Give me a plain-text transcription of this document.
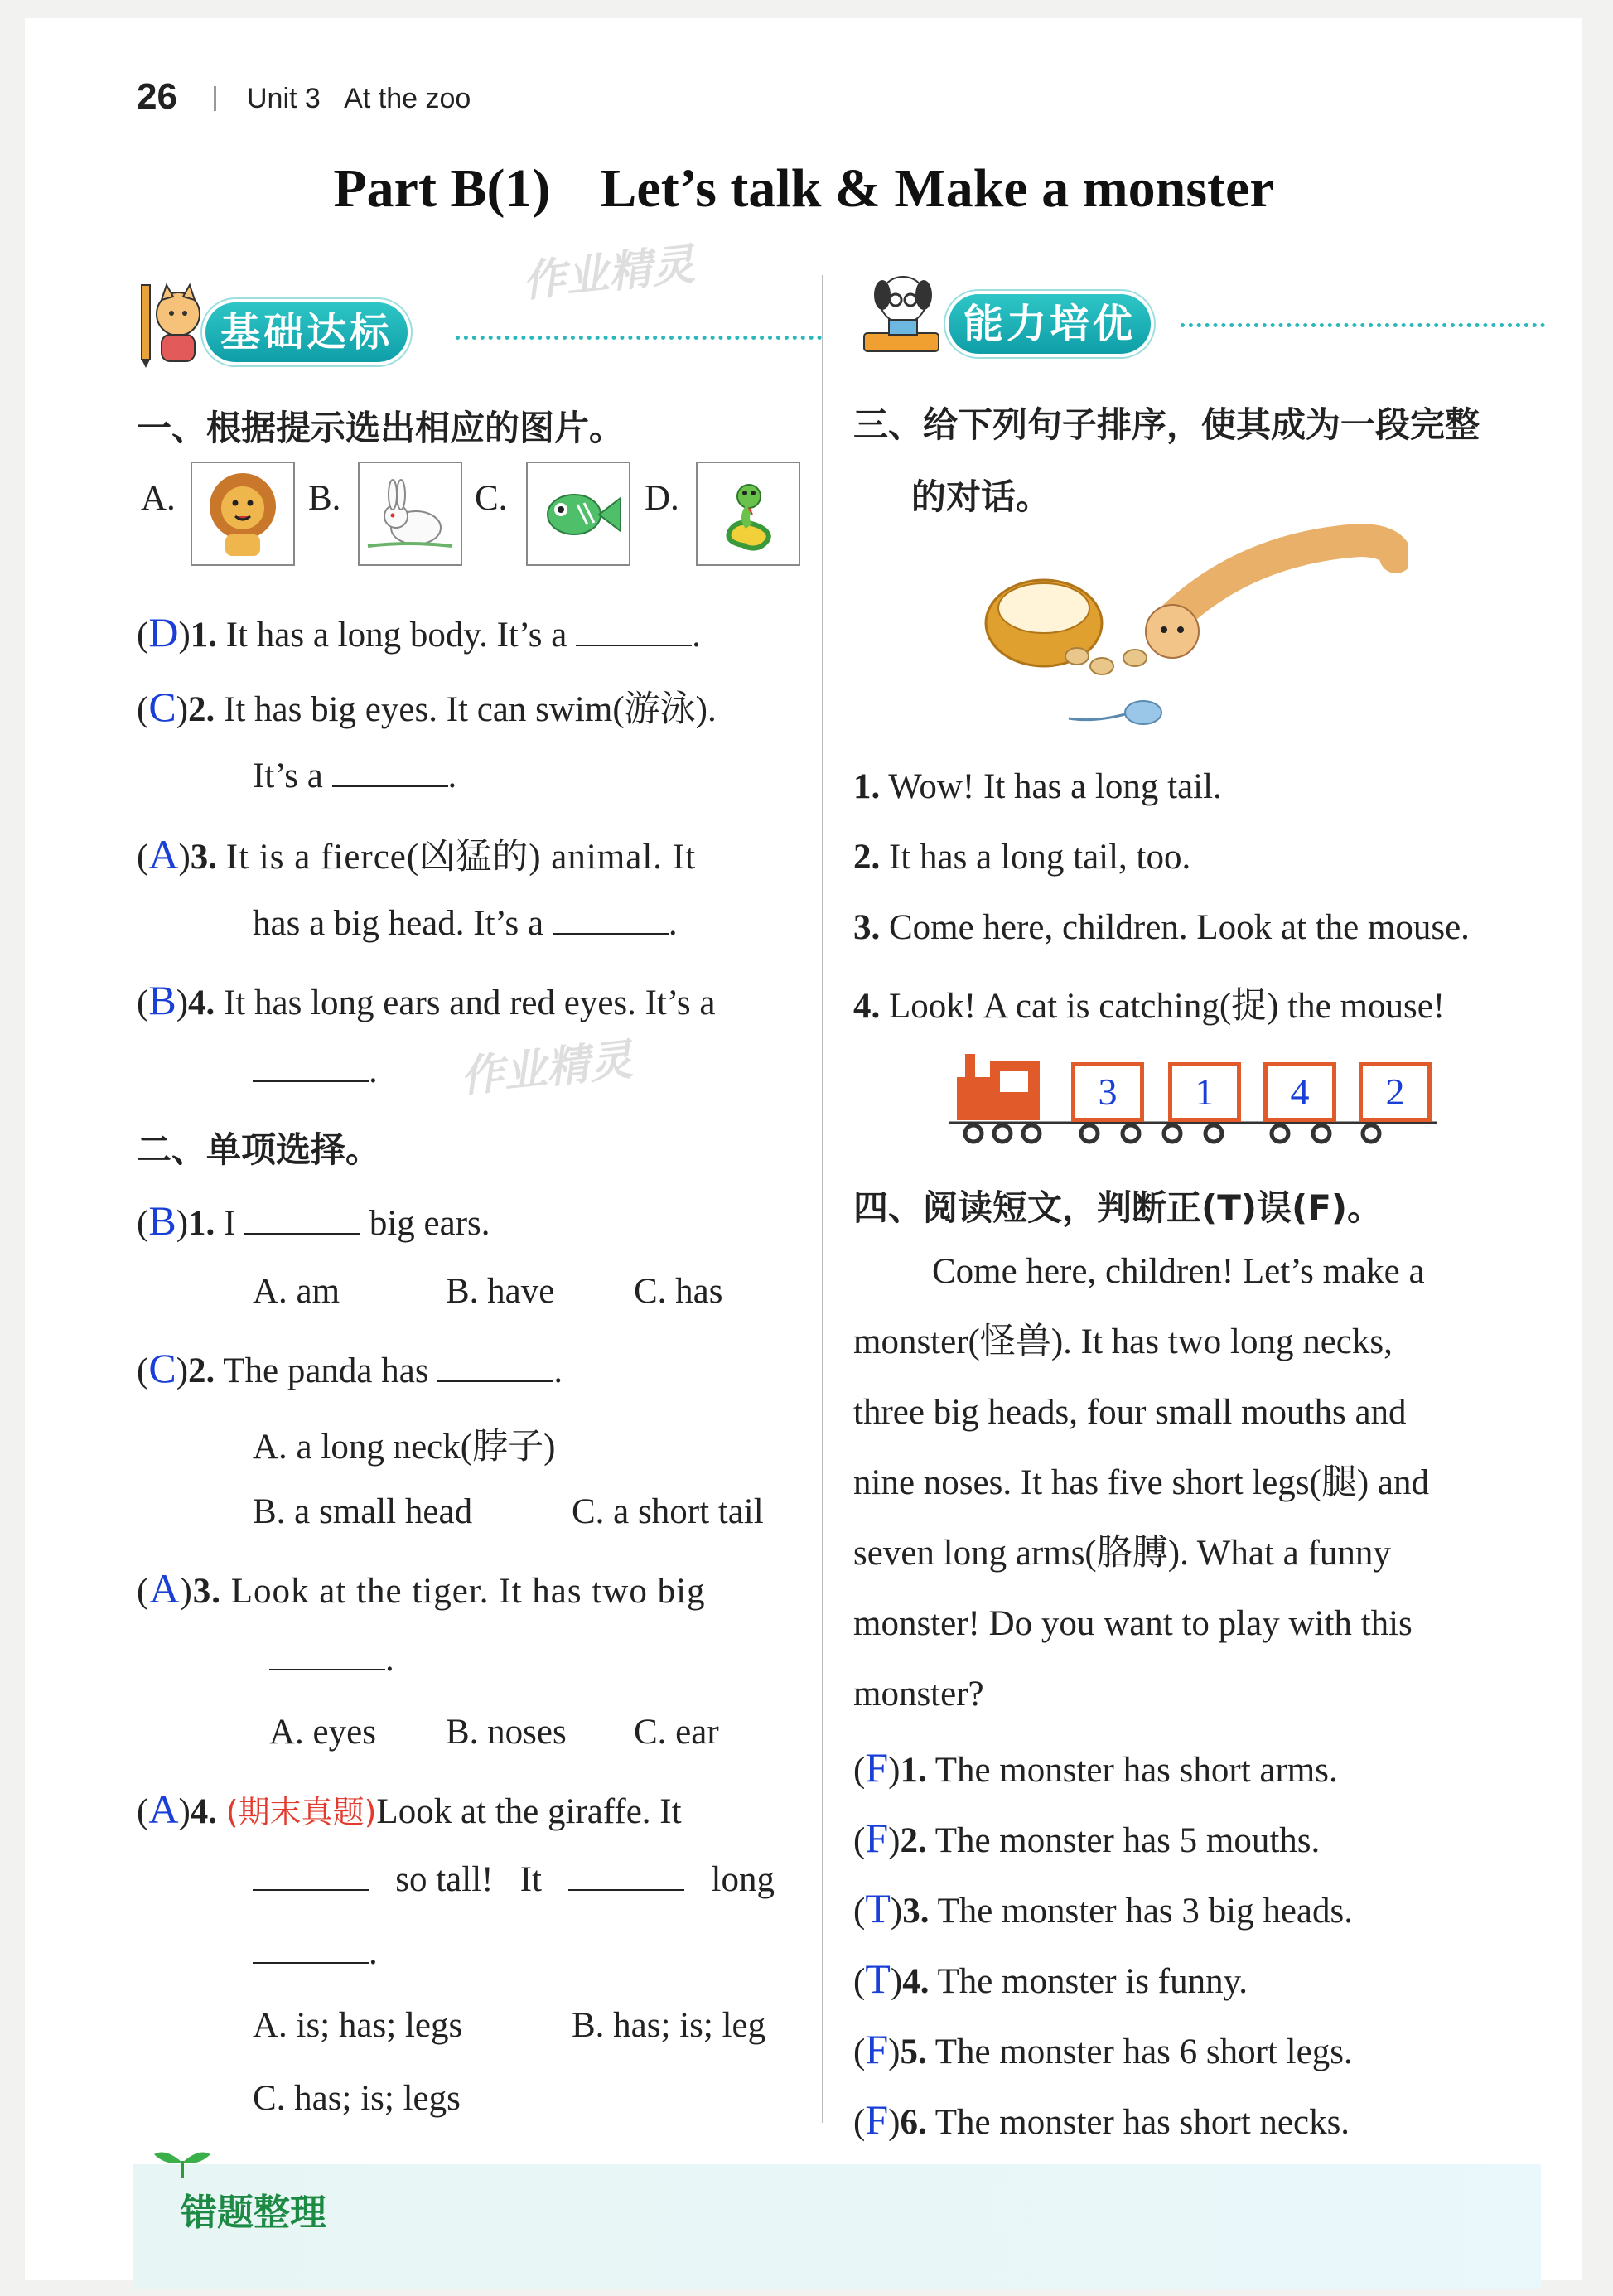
26 Unit 3 At the zoo
Part B(1) Let’s talk & Make a monster
作业精灵
作业精灵
基础达标	能力培优
一、根据提示选出相应的图片。
A.	B.	C.	D.
(D)1. It has a long body. It’s a	.
(C)2. It has big eyes. It can swim(游泳).
It’s a	.
(A)3. It is a fierce(凶猛的) animal. It
has a big head. It’s a	.
(B)4. It has long ears and red eyes. It’s a
.
二、单项选择。
(B)1. I	big ears.
A. am	B. have C. has
(C)2. The panda has	.
A. a long neck(脖子)
B. a small head	C. a short tail
(A)3. Look at the tiger. It has two big
.
A. eyes B. noses C. ear
(A)4. (期末真题)Look at the giraffe. It
so tall! It	long
.
A. is; has; legs	B. has; is; leg
C. has; is; legs
三、给下列句子排序，使其成为一段完整
的对话。
1. Wow! It has a long tail.
2. It has a long tail, too.
3. Come here, children. Look at the mouse.
4. Look! A cat is catching(捉) the mouse!
3	1	4	2
四、阅读短文，判断正(T)误(F)。
Come here, children! Let’s make a
monster(怪兽). It has two long necks,
three big heads, four small mouths and
nine noses. It has five short legs(腿) and
seven long arms(胳膊). What a funny
monster! Do you want to play with this
monster?
(F)1. The monster has short arms.
(F)2. The monster has 5 mouths.
(T)3. The monster has 3 big heads.
(T)4. The monster is funny.
(F)5. The monster has 6 short legs.
(F)6. The monster has short necks.
错题整理
